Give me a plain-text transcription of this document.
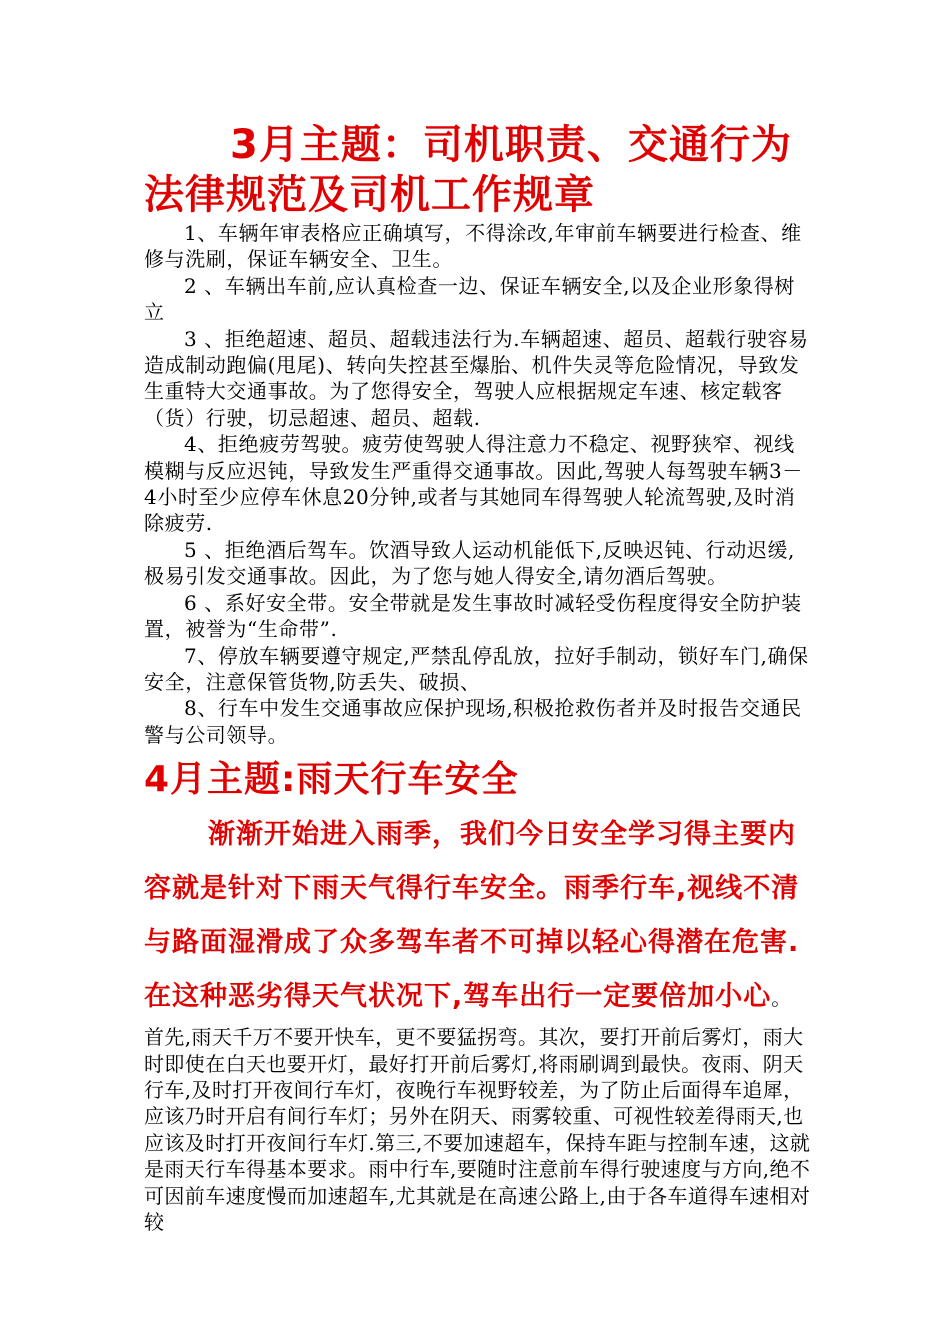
3月主题：司机职责、交通行为法律规范及司机工作规章

1、车辆年审表格应正确填写，不得涂改,年审前车辆要进行检查、维修与洗刷，保证车辆安全、卫生。

2 、车辆出车前,应认真检查一边、保证车辆安全,以及企业形象得树立

3 、拒绝超速、超员、超载违法行为.车辆超速、超员、超载行驶容易造成制动跑偏(甩尾)、转向失控甚至爆胎、机件失灵等危险情况，导致发生重特大交通事故。为了您得安全，驾驶人应根据规定车速、核定载客（货）行驶，切忌超速、超员、超载.

4、拒绝疲劳驾驶。疲劳使驾驶人得注意力不稳定、视野狭窄、视线模糊与反应迟钝，导致发生严重得交通事故。因此,驾驶人每驾驶车辆3－4小时至少应停车休息20分钟,或者与其她同车得驾驶人轮流驾驶,及时消除疲劳.

5 、拒绝酒后驾车。饮酒导致人运动机能低下,反映迟钝、行动迟缓,极易引发交通事故。因此，为了您与她人得安全,请勿酒后驾驶。

6 、系好安全带。安全带就是发生事故时减轻受伤程度得安全防护装置，被誉为“生命带”.

7、停放车辆要遵守规定,严禁乱停乱放，拉好手制动，锁好车门,确保安全，注意保管货物,防丢失、破损、

8、行车中发生交通事故应保护现场,积极抢救伤者并及时报告交通民警与公司领导。

4月主题:雨天行车安全

渐渐开始进入雨季，我们今日安全学习得主要内容就是针对下雨天气得行车安全。雨季行车,视线不清与路面湿滑成了众多驾车者不可掉以轻心得潜在危害.在这种恶劣得天气状况下,驾车出行一定要倍加小心。首先,雨天千万不要开快车，更不要猛拐弯。其次，要打开前后雾灯，雨大时即使在白天也要开灯，最好打开前后雾灯,将雨刷调到最快。夜雨、阴天行车,及时打开夜间行车灯，夜晚行车视野较差，为了防止后面得车追犀，应该乃时开启有间行车灯；另外在阴天、雨雾较重、可视性较差得雨天,也应该及时打开夜间行车灯.第三,不要加速超车，保持车距与控制车速，这就是雨天行车得基本要求。雨中行车,要随时注意前车得行驶速度与方向,绝不可因前车速度慢而加速超车,尤其就是在高速公路上,由于各车道得车速相对较
